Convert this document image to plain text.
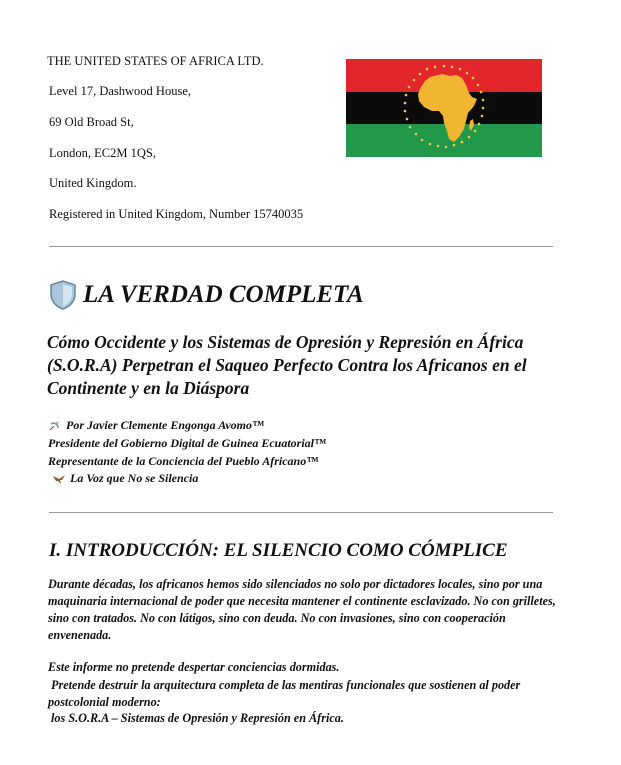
THE UNITED STATES OF AFRICA LTD.
Level 17, Dashwood House,
69 Old Broad St,
London, EC2M 1QS,
United Kingdom.
Registered in United Kingdom, Number 15740035
LA VERDAD COMPLETA
Cómo Occidente y los Sistemas de Opresión y Represión en África (S.O.R.A) Perpetran el Saqueo Perfecto Contra los Africanos en el Continente y en la Diáspora
Por Javier Clemente Engonga Avomo™
Presidente del Gobierno Digital de Guinea Ecuatorial™
Representante de la Conciencia del Pueblo Africano™
La Voz que No se Silencia
I. INTRODUCCIÓN: EL SILENCIO COMO CÓMPLICE
Durante décadas, los africanos hemos sido silenciados no solo por dictadores locales, sino por una maquinaria internacional de poder que necesita mantener el continente esclavizado. No con grilletes, sino con tratados. No con látigos, sino con deuda. No con invasiones, sino con cooperación envenenada.
Este informe no pretende despertar conciencias dormidas.
Pretende destruir la arquitectura completa de las mentiras funcionales que sostienen al poder postcolonial moderno:
los S.O.R.A – Sistemas de Opresión y Represión en África.
